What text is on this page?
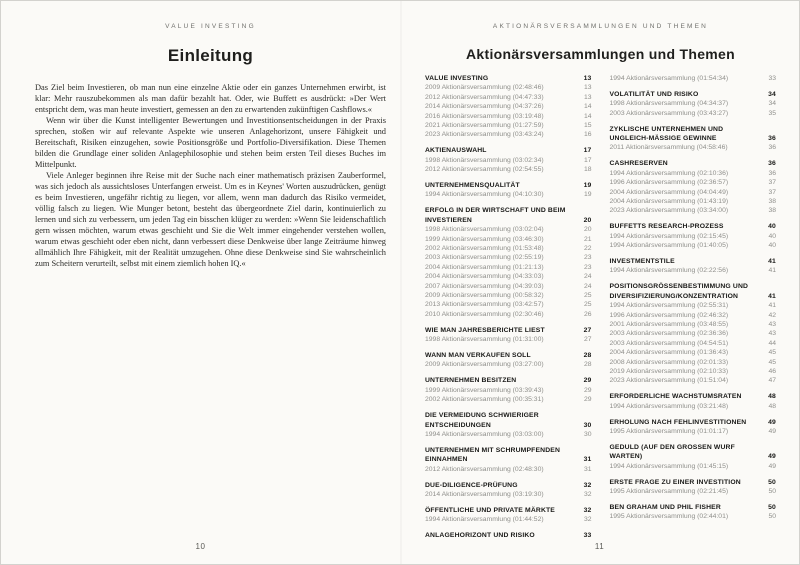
VALUE INVESTING
Einleitung

Das Ziel beim Investieren, ob man nun eine einzelne Aktie oder ein ganzes Unternehmen erwirbt, ist klar: Mehr rauszubekommen als man dafür bezahlt hat. Oder, wie Buffett es ausdrückt: »Der Wert entspricht dem, was man heute investiert, gemessen an den zu erwartenden zukünftigen Cashflows.«

Wenn wir über die Kunst intelligenter Bewertungen und Investitionsentscheidungen in der Praxis sprechen, stoßen wir auf relevante Aspekte wie unseren Anlagehorizont, unsere Fähigkeit und Bereitschaft, Risiken einzugehen, sowie Positionsgröße und Portfolio-Diversifikation. Diese Themen bilden die Grundlage einer soliden Anlagephilosophie und stehen beim ersten Teil dieses Buches im Mittelpunkt.

Viele Anleger beginnen ihre Reise mit der Suche nach einer mathematisch präzisen Zauberformel, was sich jedoch als aussichtsloses Unterfangen erweist. Um es in Keynes' Worten auszudrücken, genügt es beim Investieren, ungefähr richtig zu liegen, vor allem, wenn man dadurch das Risiko vermeidet, völlig falsch zu liegen. Wie Munger betont, besteht das übergeordnete Ziel darin, kontinuierlich zu lernen und sich zu verbessern, um jeden Tag ein bisschen klüger zu werden: »Wenn Sie leidenschaftlich gern wissen möchten, warum etwas geschieht und Sie die Welt immer eingehender verstehen wollen, warum etwas geschieht oder eben nicht, dann verbessert diese Denkweise über lange Zeiträume hinweg allmählich Ihre Fähigkeit, mit der Realität umzugehen. Ohne diese Denkweise sind Sie wahrscheinlich zum Scheitern verurteilt, selbst mit einem ziemlich hohen IQ.«

10
AKTIONÄRSVERSAMMLUNGEN UND THEMEN
Aktionärsversammlungen und Themen
VALUE INVESTING	13
2009 Aktionärsversammlung (02:48:46)	13
2012 Aktionärsversammlung (04:47:33)	13
2014 Aktionärsversammlung (04:37:26)	14
2016 Aktionärsversammlung (03:19:48)	14
2021 Aktionärsversammlung (01:27:59)	15
2023 Aktionärsversammlung (03:43:24)	16
AKTIENAUSWAHL	17
1998 Aktionärsversammlung (03:02:34)	17
2012 Aktionärsversammlung (02:54:55)	18
UNTERNEHMENSQUALITÄT	19
1994 Aktionärsversammlung (04:10:30)	19
ERFOLG IN DER WIRTSCHAFT UND BEIM INVESTIEREN	20
1998 Aktionärsversammlung (03:02:04)	20
1999 Aktionärsversammlung (03:46:30)	21
2002 Aktionärsversammlung (01:53:48)	22
2003 Aktionärsversammlung (02:55:19)	23
2004 Aktionärsversammlung (01:21:13)	23
2004 Aktionärsversammlung (04:33:03)	24
2007 Aktionärsversammlung (04:39:03)	24
2009 Aktionärsversammlung (00:58:32)	25
2013 Aktionärsversammlung (03:42:57)	25
2010 Aktionärsversammlung (02:30:46)	26
WIE MAN JAHRESBERICHTE LIEST	27
1998 Aktionärsversammlung (01:31:00)	27
WANN MAN VERKAUFEN SOLL	28
2009 Aktionärsversammlung (03:27:00)	28
UNTERNEHMEN BESITZEN	29
1999 Aktionärsversammlung (03:39:43)	29
2002 Aktionärsversammlung (00:35:31)	29
DIE VERMEIDUNG SCHWIERIGER ENTSCHEIDUNGEN	30
1994 Aktionärsversammlung (03:03:00)	30
UNTERNEHMEN MIT SCHRUMPFENDEN EINNAHMEN	31
2012 Aktionärsversammlung (02:48:30)	31
DUE-DILIGENCE-PRÜFUNG	32
2014 Aktionärsversammlung (03:19:30)	32
ÖFFENTLICHE UND PRIVATE MÄRKTE	32
1994 Aktionärsversammlung (01:44:52)	32
ANLAGEHORIZONT UND RISIKO	33
1994 Aktionärsversammlung (01:54:34)	33
VOLATILITÄT UND RISIKO	34
1998 Aktionärsversammlung (04:34:37)	34
2003 Aktionärsversammlung (03:43:27)	35
ZYKLISCHE UNTERNEHMEN UND UNGLEICH-MÄSSIGE GEWINNE	36
2011 Aktionärsversammlung (04:58:46)	36
CASHRESERVEN	36
1994 Aktionärsversammlung (02:10:36)	36
1996 Aktionärsversammlung (02:36:57)	37
2004 Aktionärsversammlung (04:04:49)	37
2004 Aktionärsversammlung (01:43:19)	38
2023 Aktionärsversammlung (03:34:00)	38
BUFFETTS RESEARCH-PROZESS	40
1994 Aktionärsversammlung (02:15:45)	40
1994 Aktionärsversammlung (01:40:05)	40
INVESTMENTSTILE	41
1994 Aktionärsversammlung (02:22:56)	41
POSITIONSGRÖSSENBESTIMMUNG UND DIVERSIFIZIERUNG/KONZENTRATION	41
1994 Aktionärsversammlung (02:55:31)	41
1996 Aktionärsversammlung (02:46:32)	42
2001 Aktionärsversammlung (03:48:55)	43
2003 Aktionärsversammlung (02:36:36)	43
2003 Aktionärsversammlung (04:54:51)	44
2004 Aktionärsversammlung (01:36:43)	45
2008 Aktionärsversammlung (02:01:33)	45
2019 Aktionärsversammlung (02:10:33)	46
2023 Aktionärsversammlung (01:51:04)	47
ERFORDERLICHE WACHSTUMSRATEN	48
1994 Aktionärsversammlung (03:21:48)	48
ERHOLUNG NACH FEHLINVESTITIONEN	49
1995 Aktionärsversammlung (01:01:17)	49
GEDULD (AUF DEN GROSSEN WURF WARTEN)	49
1994 Aktionärsversammlung (01:45:15)	49
ERSTE FRAGE ZU EINER INVESTITION	50
1995 Aktionärsversammlung (02:21:45)	50
BEN GRAHAM UND PHIL FISHER	50
1995 Aktionärsversammlung (02:44:01)	50
11
